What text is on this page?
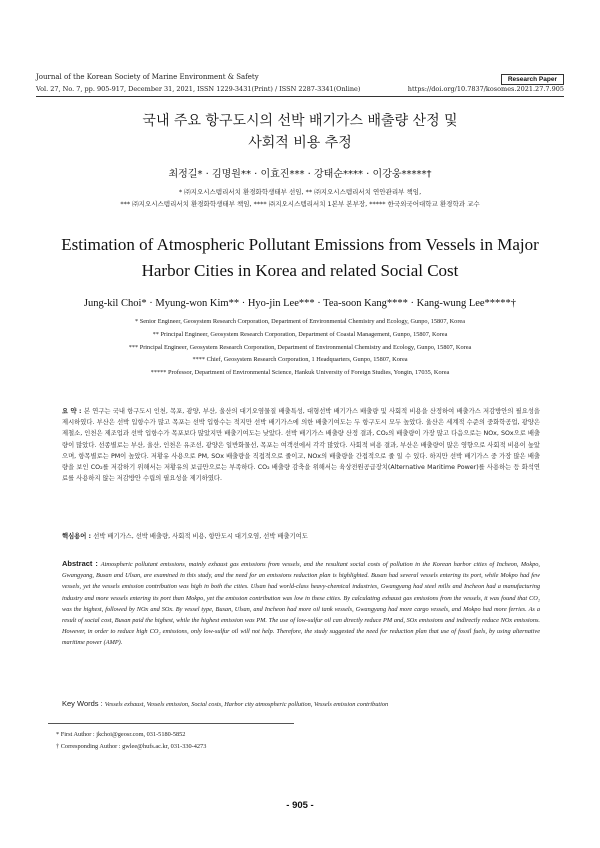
Journal of the Korean Society of Marine Environment & Safety	Research Paper
Vol. 27, No. 7, pp. 905-917, December 31, 2021, ISSN 1229-3431(Print) / ISSN 2287-3341(Online)	https://doi.org/10.7837/kosomes.2021.27.7.905
국내 주요 항구도시의 선박 배기가스 배출량 산정 및
사회적 비용 추정
최정길* · 김명원** · 이효진*** · 강태순**** · 이강웅*****†
* ㈜지오시스템리서치 환경화학생태부 선임, ** ㈜지오시스템리서치 연안관리부 책임,
*** ㈜지오시스템리서치 환경화학생태부 책임, **** ㈜지오시스템리서치 1본부 본부장, ***** 한국외국어대학교 환경학과 교수
Estimation of Atmospheric Pollutant Emissions from Vessels in Major
Harbor Cities in Korea and related Social Cost
Jung-kil Choi* · Myung-won Kim** · Hyo-jin Lee*** · Tea-soon Kang**** · Kang-wung Lee*****†
* Senior Engineer, Geosystem Research Corporation, Department of Environmental Chemistry and Ecology, Gunpo, 15807, Korea
** Principal Engineer, Geosystem Research Corporation, Department of Coastal Management, Gunpo, 15807, Korea
*** Principal Engineer, Geosystem Research Corporation, Department of Environmental Chemistry and Ecology, Gunpo, 15807, Korea
**** Chief, Geosystem Research Corporation, 1 Headquarters, Gunpo, 15807, Korea
***** Professor, Department of Environmental Science, Hankuk University of Foreign Studies, Yongin, 17035, Korea
요 약 : 본 연구는 국내 항구도시 인천, 목포, 광양, 부산, 울산의 대기오염물질 배출특성, 대형선박 배기가스 배출량 및 사회적 비용을 산정하여 배출가스 저감방안의 필요성을 제시하였다. 부산은 선박 입항수가 많고 목포는 선박 입항수는 적지만 선박 배기가스에 의한 배출기여도는 두 항구도시 모두 높았다. 울산은 세계적 수준의 중화학공업, 광양은 제철소, 인천은 제조업과 선박 입항수가 목포보다 많았지만 배출기여도는 낮았다. 선박 배기가스 배출량 산정 결과, CO₂의 배출량이 가장 많고 다음으로는 NOx, SOx으로 배출량이 많았다. 선종별로는 부산, 울산, 인천은 유조선, 광양은 일반화물선, 목포는 여객선에서 각각 많았다. 사회적 비용 결과, 부산은 배출량이 많은 영향으로 사회적 비용이 높았으며, 항목별로는 PM이 높았다. 저황유 사용으로 PM, SOx 배출량을 직접적으로 줄이고, NOx의 배출량을 간접적으로 줄 일 수 있다. 하지만 선박 배기가스 중 가장 많은 배출량을 보인 CO₂를 저감하기 위해서는 저황유의 보급만으로는 부족하다. CO₂ 배출량 감축을 위해서는 육상전원공급장치(Alternative Maritime Power)를 사용하는 등 화석연료를 사용하지 않는 저감방안 수립의 필요성을 제기하였다.
핵심용어 : 선박 배기가스, 선박 배출량, 사회적 비용, 항만도시 대기오염, 선박 배출기여도
Abstract : Atmospheric pollutant emissions, mainly exhaust gas emissions from vessels, and the resultant social costs of pollution in the Korean harbor cities of Incheon, Mokpo, Gwangyang, Busan and Ulsan, are examined in this study, and the need for an emissions reduction plan is highlighted. Busan had several vessels entering its port, while Mokpo had few vessels, yet the vessels emission contribution was high in both the cities. Ulsan had world-class heavy-chemical industries, Gwangyang had steel mills and Incheon had a manufacturing industry and more vessels entering its port than Mokpo, yet the emission contribution was low in these cities. By calculating exhaust gas emissions from the vessels, it was found that CO₂ was the highest, followed by NOx and SOx. By vessel type, Busan, Ulsan, and Incheon had more oil tank vessels, Gwangyang had more cargo vessels, and Mokpo had more ferries. As a result of social cost, Busan paid the highest, while the highest emission was PM. The use of low-sulfur oil can directly reduce PM and, SOx emissions and indirectly reduce NOx emissions. However, in order to reduce high CO₂ emissions, only low-sulfur oil will not help. Therefore, the study suggested the need for reduction plan that use of fossil fuels, by using alternative maritime power (AMP).
Key Words : Vessels exhaust, Vessels emission, Social costs, Harbor city atmospheric pollution, Vessels emission contribution
* First Author : jkchoi@geosr.com, 031-5180-5852
† Corresponding Author : gwlee@hufs.ac.kr, 031-330-4273
- 905 -
